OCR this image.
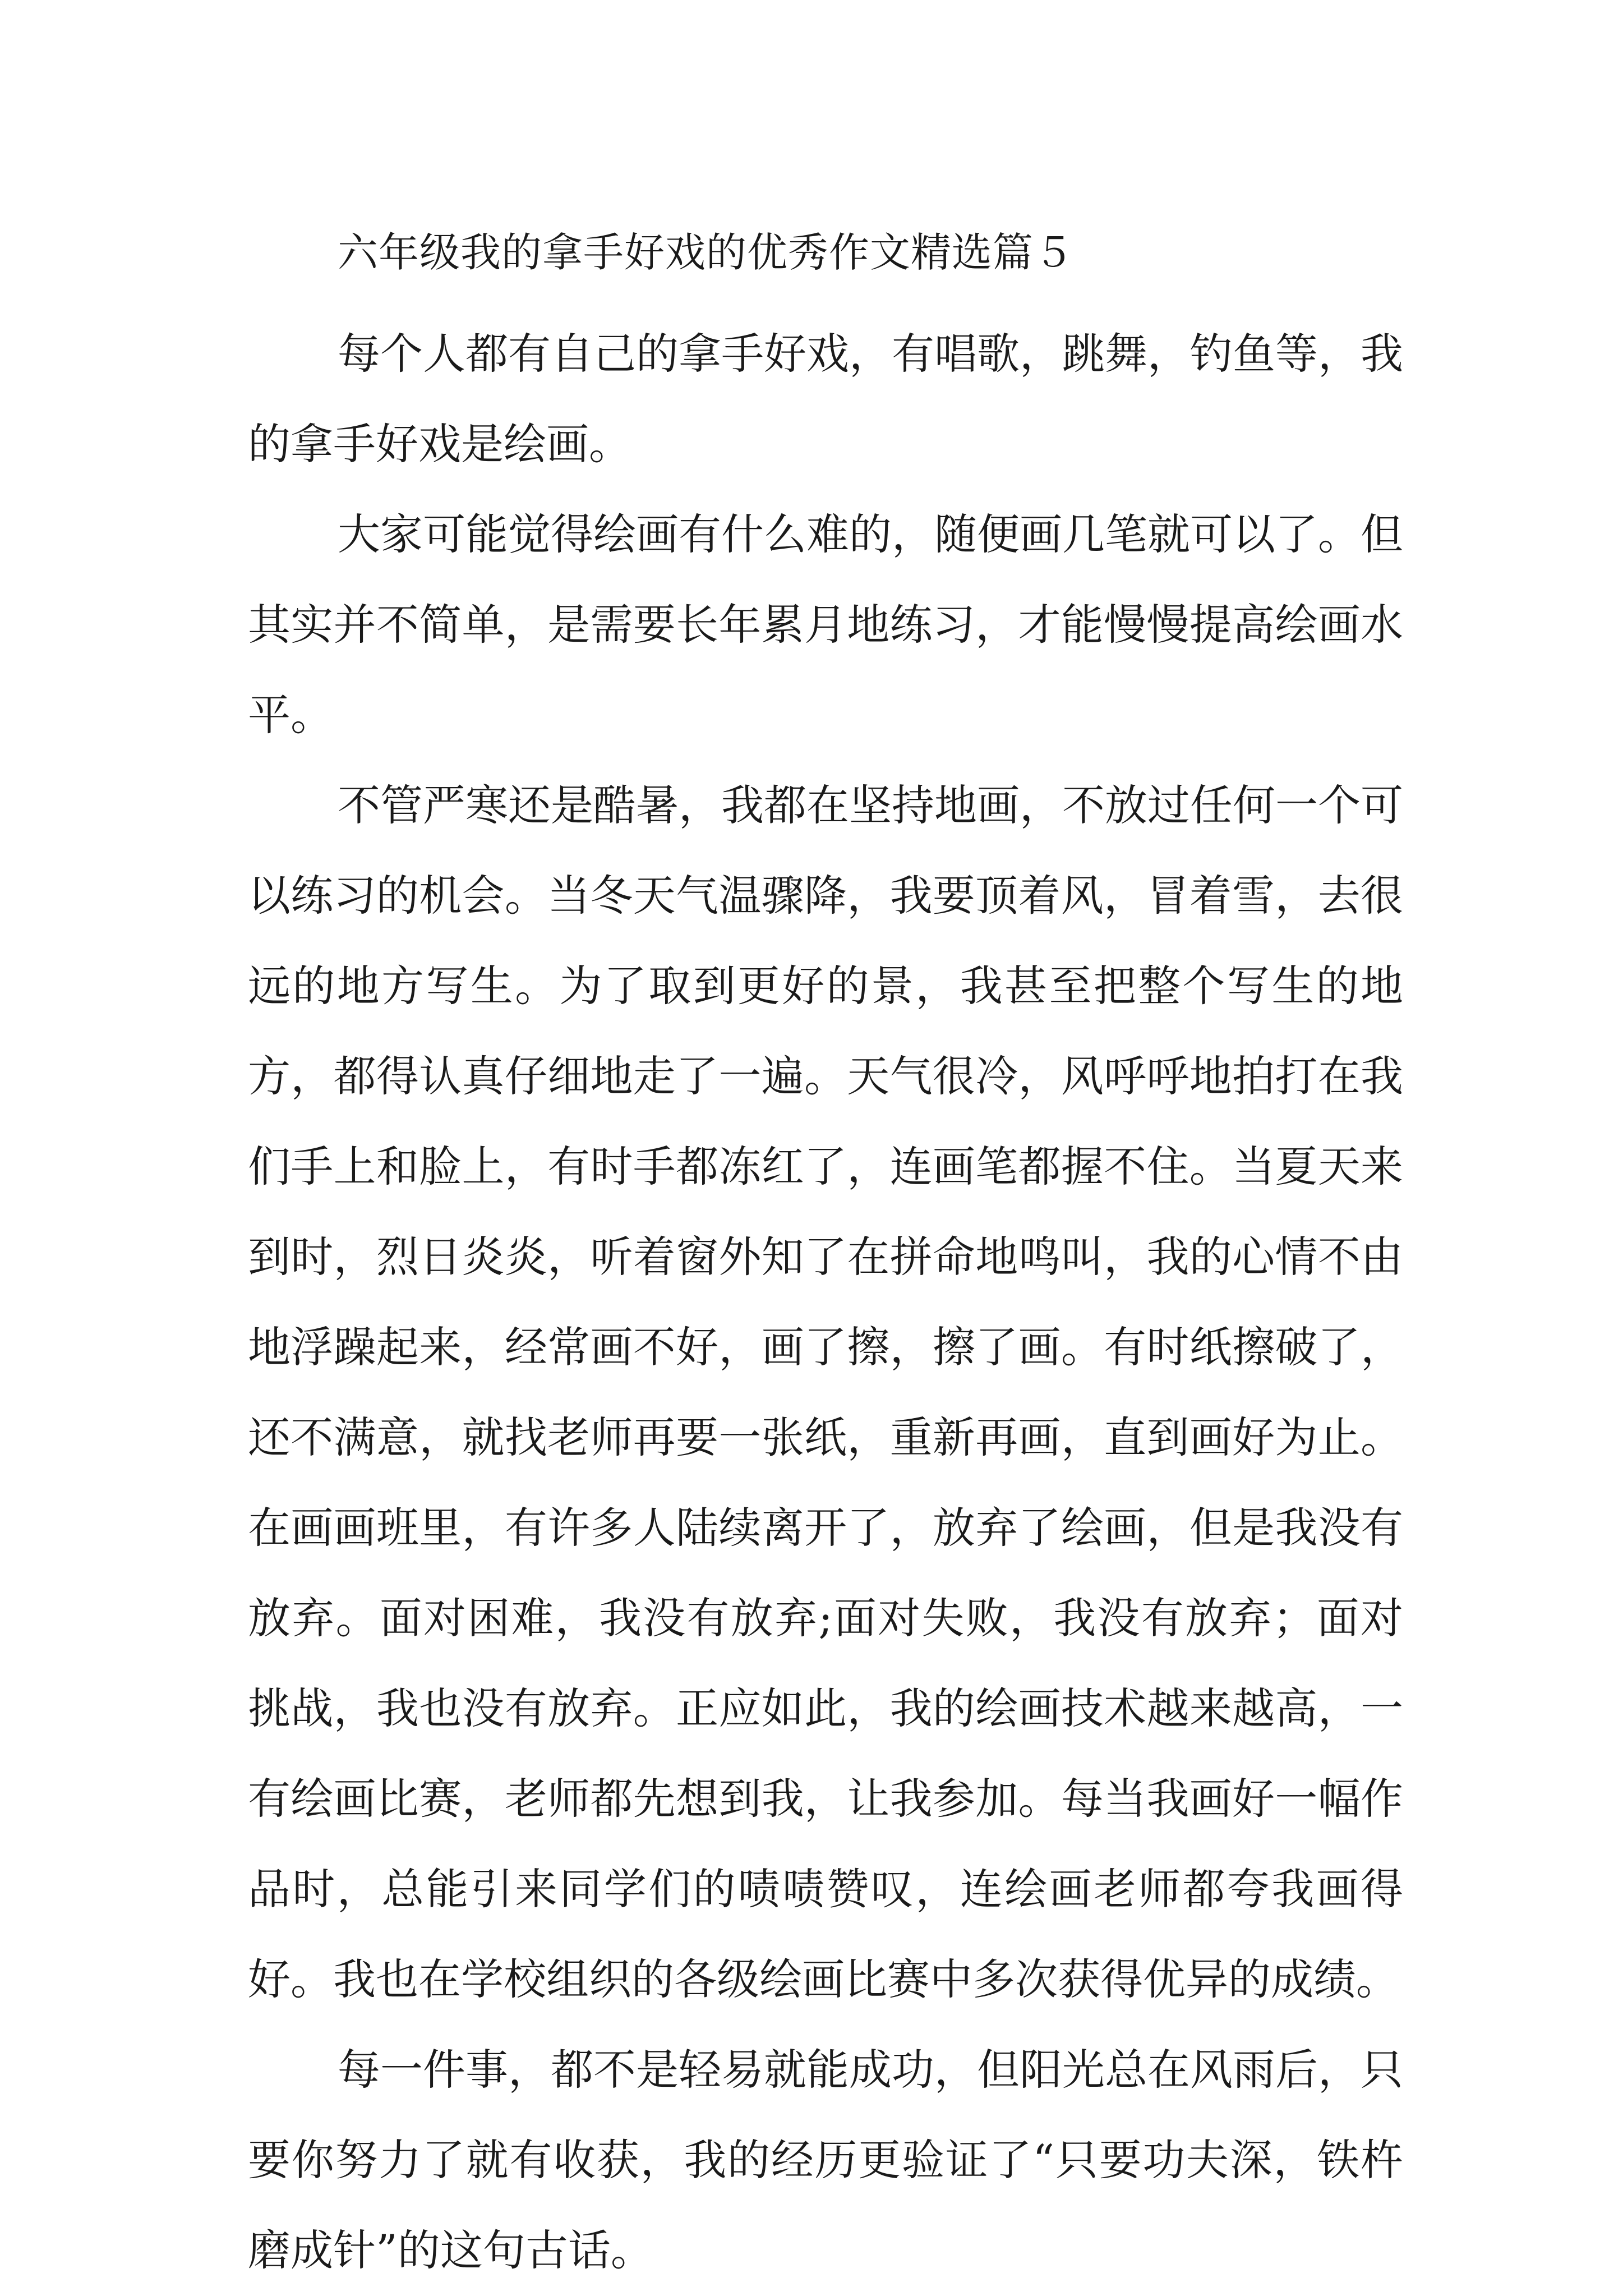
六年级我的拿手好戏的优秀作文精选篇５

每个人都有自己的拿手好戏，有唱歌，跳舞，钓鱼等，我的拿手好戏是绘画。

大家可能觉得绘画有什么难的，随便画几笔就可以了。但其实并不简单，是需要长年累月地练习，才能慢慢提高绘画水平。

不管严寒还是酷暑，我都在坚持地画，不放过任何一个可以练习的机会。当冬天气温骤降，我要顶着风，冒着雪，去很远的地方写生。为了取到更好的景，我甚至把整个写生的地方，都得认真仔细地走了一遍。天气很冷，风呼呼地拍打在我们手上和脸上，有时手都冻红了，连画笔都握不住。当夏天来到时，烈日炎炎，听着窗外知了在拼命地鸣叫，我的心情不由地浮躁起来，经常画不好，画了擦，擦了画。有时纸擦破了，还不满意，就找老师再要一张纸，重新再画，直到画好为止。在画画班里，有许多人陆续离开了，放弃了绘画，但是我没有放弃。面对困难，我没有放弃;面对失败，我没有放弃；面对挑战，我也没有放弃。正应如此，我的绘画技术越来越高，一有绘画比赛，老师都先想到我，让我参加。每当我画好一幅作品时，总能引来同学们的啧啧赞叹，连绘画老师都夸我画得好。我也在学校组织的各级绘画比赛中多次获得优异的成绩。

每一件事，都不是轻易就能成功，但阳光总在风雨后，只要你努力了就有收获，我的经历更验证了“只要功夫深，铁杵磨成针”的这句古话。
